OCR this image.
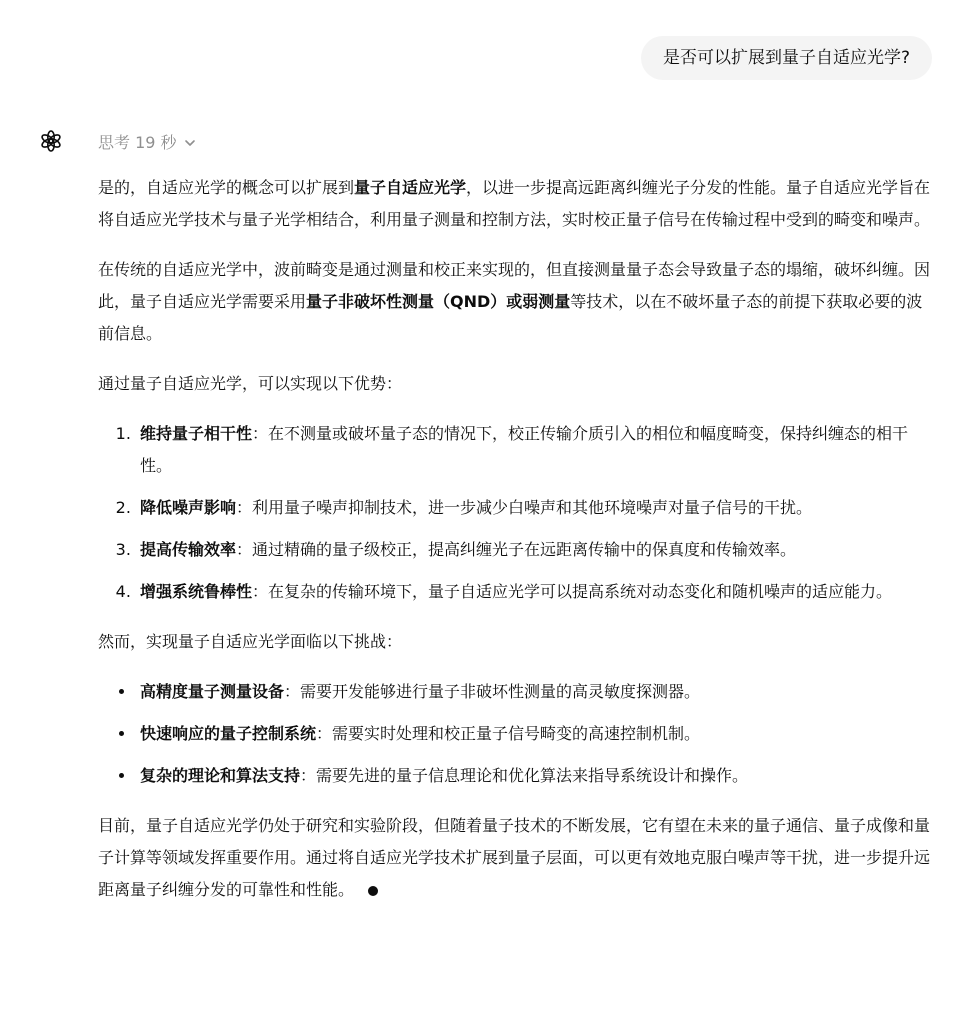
是否可以扩展到量子自适应光学?
思考 19 秒

是的，自适应光学的概念可以扩展到量子自适应光学，以进一步提高远距离纠缠光子分发的性能。量子自适应光学旨在将自适应光学技术与量子光学相结合，利用量子测量和控制方法，实时校正量子信号在传输过程中受到的畸变和噪声。

在传统的自适应光学中，波前畸变是通过测量和校正来实现的，但直接测量量子态会导致量子态的塌缩，破坏纠缠。因此，量子自适应光学需要采用量子非破坏性测量（QND）或弱测量等技术，以在不破坏量子态的前提下获取必要的波前信息。

通过量子自适应光学，可以实现以下优势：

1. 维持量子相干性：在不测量或破坏量子态的情况下，校正传输介质引入的相位和幅度畸变，保持纠缠态的相干性。
2. 降低噪声影响：利用量子噪声抑制技术，进一步减少白噪声和其他环境噪声对量子信号的干扰。
3. 提高传输效率：通过精确的量子级校正，提高纠缠光子在远距离传输中的保真度和传输效率。
4. 增强系统鲁棒性：在复杂的传输环境下，量子自适应光学可以提高系统对动态变化和随机噪声的适应能力。

然而，实现量子自适应光学面临以下挑战：

• 高精度量子测量设备：需要开发能够进行量子非破坏性测量的高灵敏度探测器。
• 快速响应的量子控制系统：需要实时处理和校正量子信号畸变的高速控制机制。
• 复杂的理论和算法支持：需要先进的量子信息理论和优化算法来指导系统设计和操作。

目前，量子自适应光学仍处于研究和实验阶段，但随着量子技术的不断发展，它有望在未来的量子通信、量子成像和量子计算等领域发挥重要作用。通过将自适应光学技术扩展到量子层面，可以更有效地克服白噪声等干扰，进一步提升远距离量子纠缠分发的可靠性和性能。
